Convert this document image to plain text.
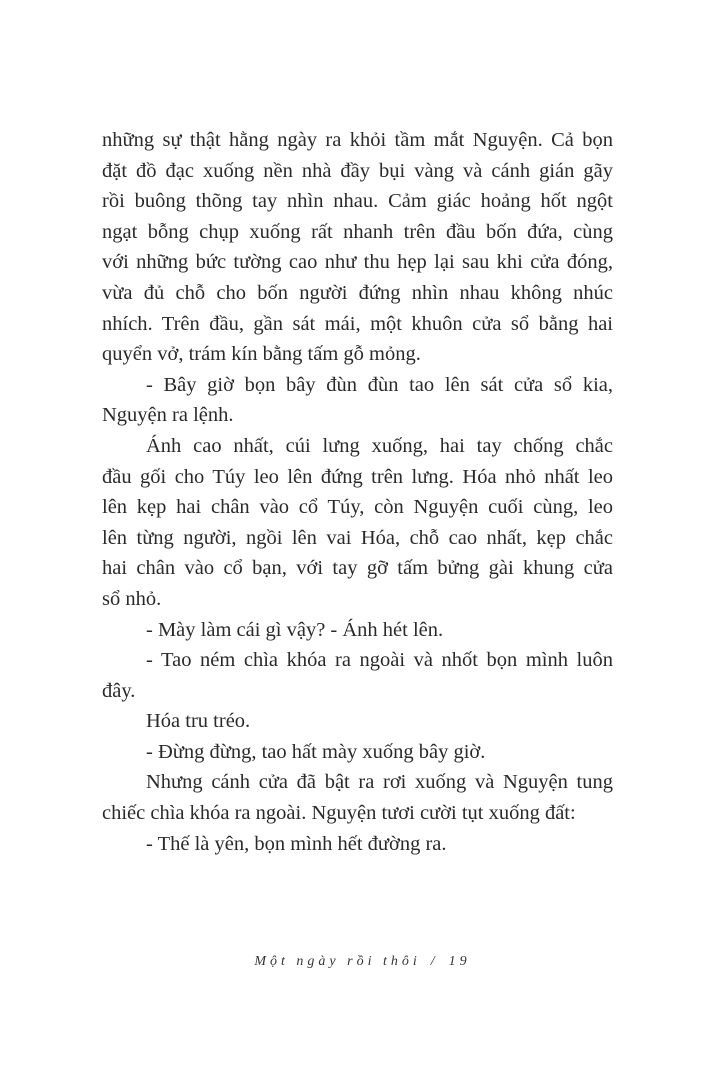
những sự thật hằng ngày ra khỏi tầm mắt Nguyện. Cả bọn
đặt đồ đạc xuống nền nhà đầy bụi vàng và cánh gián gãy
rồi buông thõng tay nhìn nhau. Cảm giác hoảng hốt ngột
ngạt bỗng chụp xuống rất nhanh trên đầu bốn đứa, cùng
với những bức tường cao như thu hẹp lại sau khi cửa đóng,
vừa đủ chỗ cho bốn người đứng nhìn nhau không nhúc
nhích. Trên đầu, gần sát mái, một khuôn cửa sổ bằng hai
quyển vở, trám kín bằng tấm gỗ mỏng.
- Bây giờ bọn bây đùn đùn tao lên sát cửa sổ kia,
Nguyện ra lệnh.
Ánh cao nhất, cúi lưng xuống, hai tay chống chắc
đầu gối cho Túy leo lên đứng trên lưng. Hóa nhỏ nhất leo
lên kẹp hai chân vào cổ Túy, còn Nguyện cuối cùng, leo
lên từng người, ngồi lên vai Hóa, chỗ cao nhất, kẹp chắc
hai chân vào cổ bạn, với tay gỡ tấm bửng gài khung cửa
sổ nhỏ.
- Mày làm cái gì vậy? - Ánh hét lên.
- Tao ném chìa khóa ra ngoài và nhốt bọn mình luôn
đây.
Hóa tru tréo.
- Đừng đừng, tao hất mày xuống bây giờ.
Nhưng cánh cửa đã bật ra rơi xuống và Nguyện tung
chiếc chìa khóa ra ngoài. Nguyện tươi cười tụt xuống đất:
- Thế là yên, bọn mình hết đường ra.
Một ngày rồi thôi / 19
